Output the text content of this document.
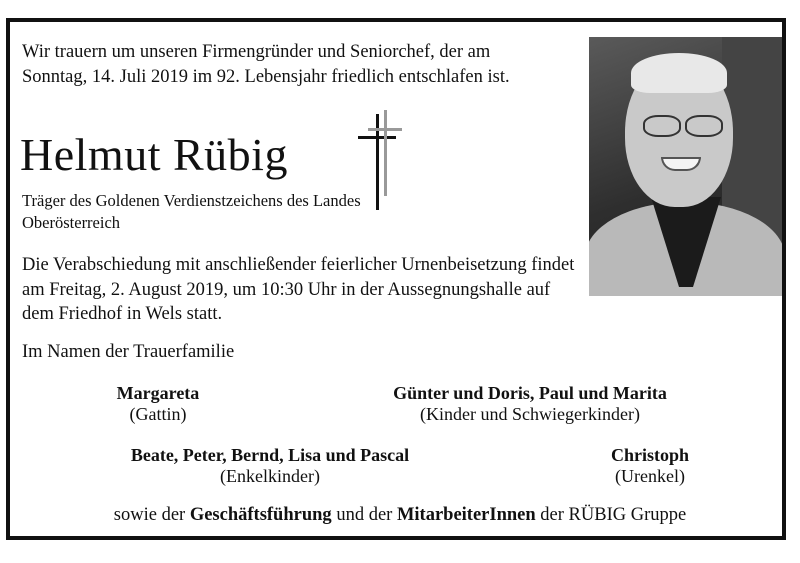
Wir trauern um unseren Firmengründer und Seniorchef, der am Sonntag, 14. Juli 2019 im 92. Lebensjahr friedlich entschlafen ist.
Helmut Rübig
Träger des Goldenen Verdienstzeichens des Landes Oberösterreich
Die Verabschiedung mit anschließender feierlicher Urnenbeisetzung findet am Freitag, 2. August 2019, um 10:30 Uhr in der Aussegnungshalle auf dem Friedhof in Wels statt.
Im Namen der Trauerfamilie
Margareta
(Gattin)
Günter und Doris, Paul und Marita
(Kinder und Schwiegerkinder)
Beate, Peter, Bernd, Lisa und Pascal
(Enkelkinder)
Christoph
(Urenkel)
sowie der Geschäftsführung und der MitarbeiterInnen der RÜBIG Gruppe
